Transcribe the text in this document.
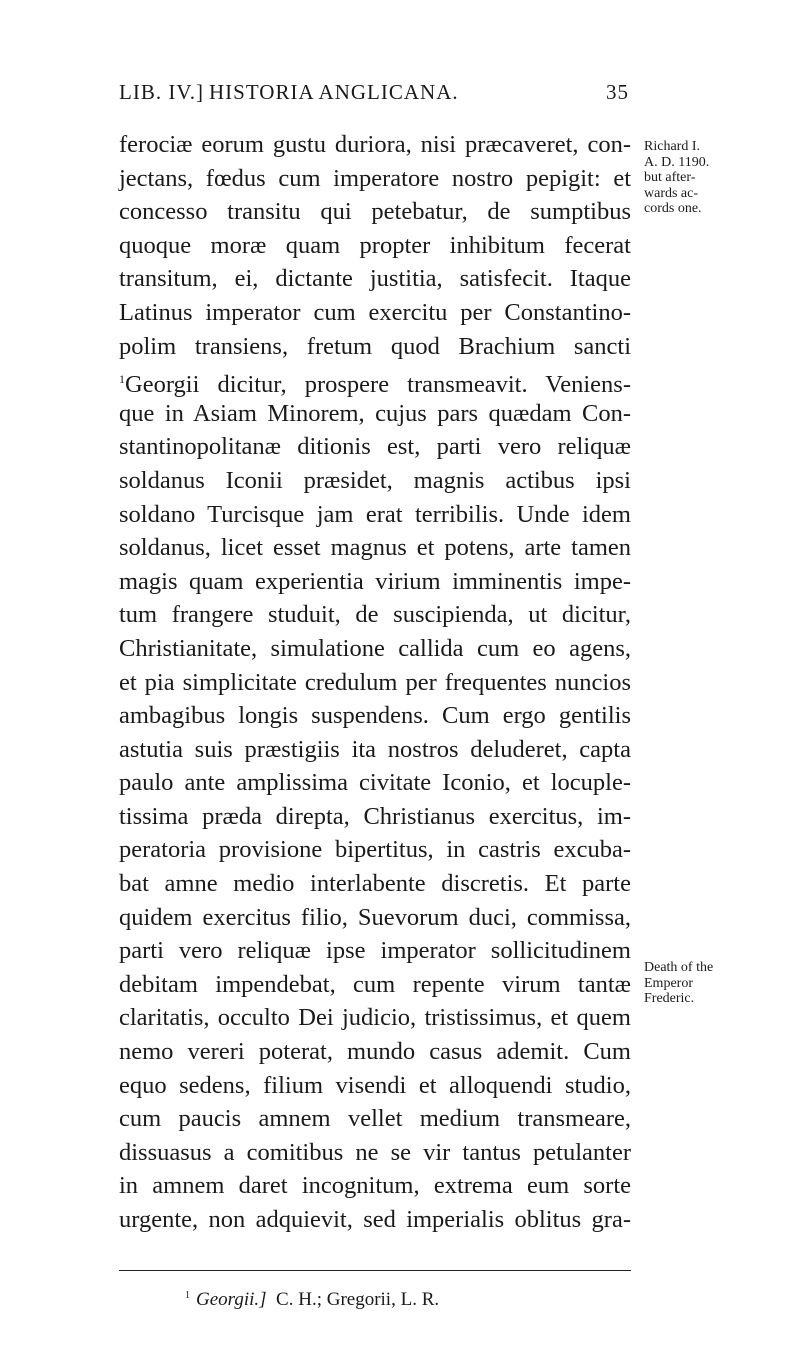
LIB. IV.] HISTORIA ANGLICANA.	35
ferociæ eorum gustu duriora, nisi præcaveret, con-
jectans, fœdus cum imperatore nostro pepigit: et
concesso transitu qui petebatur, de sumptibus
quoque moræ quam propter inhibitum fecerat
transitum, ei, dictante justitia, satisfecit. Itaque
Latinus imperator cum exercitu per Constantino-
polim transiens, fretum quod Brachium sancti
$^1$Georgii dicitur, prospere transmeavit. Veniens-
que in Asiam Minorem, cujus pars quædam Con-
stantinopolitanæ ditionis est, parti vero reliquæ
soldanus Iconii præsidet, magnis actibus ipsi
soldano Turcisque jam erat terribilis. Unde idem
soldanus, licet esset magnus et potens, arte tamen
magis quam experientia virium imminentis impe-
tum frangere studuit, de suscipienda, ut dicitur,
Christianitate, simulatione callida cum eo agens,
et pia simplicitate credulum per frequentes nuncios
ambagibus longis suspendens. Cum ergo gentilis
astutia suis præstigiis ita nostros deluderet, capta
paulo ante amplissima civitate Iconio, et locuple-
tissima præda direpta, Christianus exercitus, im-
peratoria provisione bipertitus, in castris excuba-
bat amne medio interlabente discretis. Et parte
quidem exercitus filio, Suevorum duci, commissa,
parti vero reliquæ ipse imperator sollicitudinem
debitam impendebat, cum repente virum tantæ
claritatis, occulto Dei judicio, tristissimus, et quem
nemo vereri poterat, mundo casus ademit. Cum
equo sedens, filium visendi et alloquendi studio,
cum paucis amnem vellet medium transmeare,
dissuasus a comitibus ne se vir tantus petulanter
in amnem daret incognitum, extrema eum sorte
urgente, non adquievit, sed imperialis oblitus gra-
Richard I.
A. D. 1190.
but after-
wards ac-
cords one.
Death of the
Emperor
Frederic.
$^1$ Georgii.] C. H.; Gregorii, L. R.
